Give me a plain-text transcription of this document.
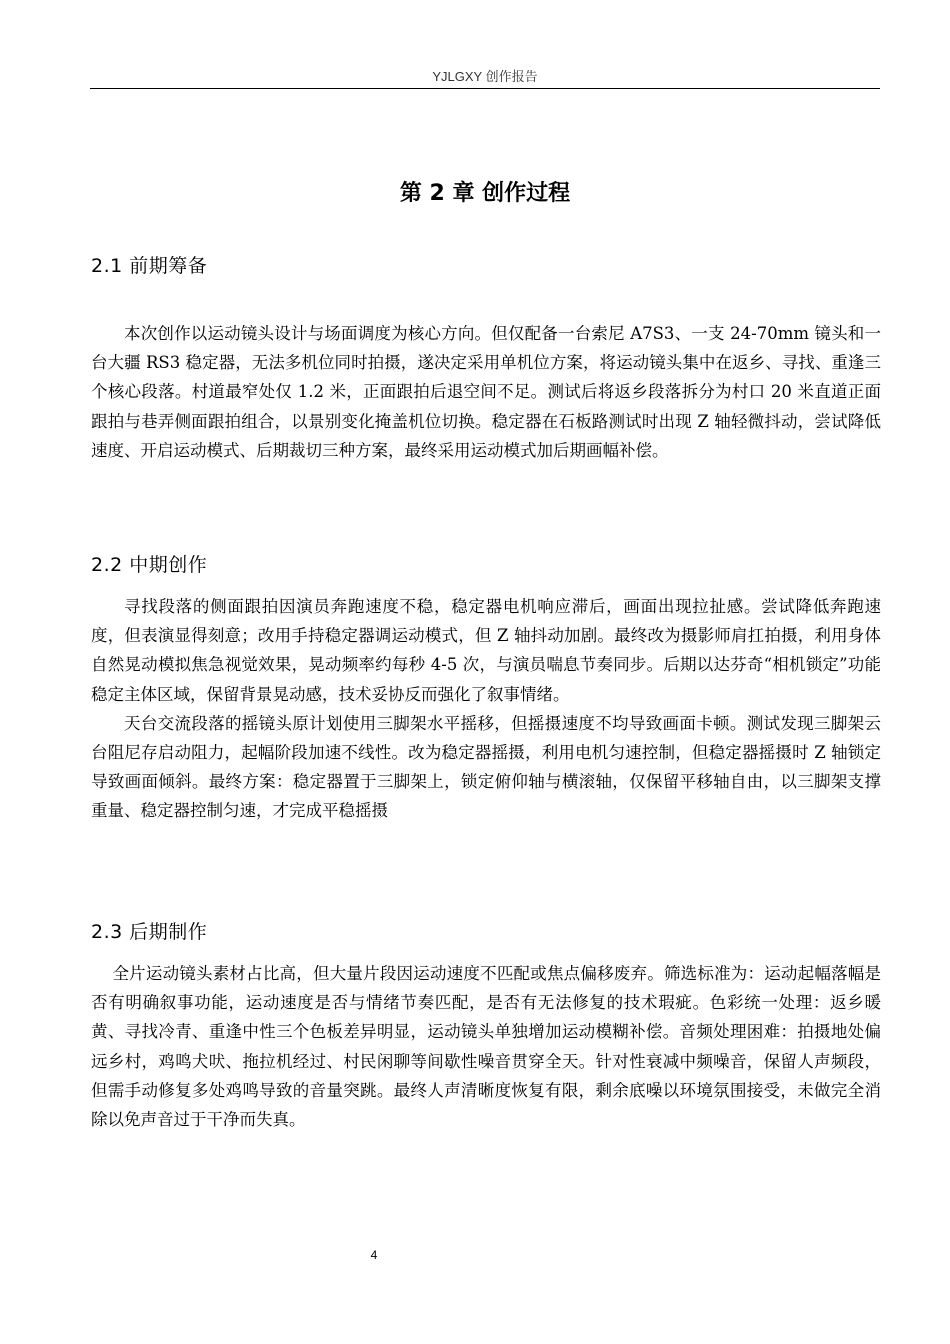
YJLGXY 创作报告
第 2 章 创作过程
2.1 前期筹备

本次创作以运动镜头设计与场面调度为核心方向。但仅配备一台索尼 A7S3、一支 24-70mm 镜头和一台大疆 RS3 稳定器，无法多机位同时拍摄，遂决定采用单机位方案，将运动镜头集中在返乡、寻找、重逢三个核心段落。村道最窄处仅 1.2 米，正面跟拍后退空间不足。测试后将返乡段落拆分为村口 20 米直道正面跟拍与巷弄侧面跟拍组合，以景别变化掩盖机位切换。稳定器在石板路测试时出现 Z 轴轻微抖动，尝试降低速度、开启运动模式、后期裁切三种方案，最终采用运动模式加后期画幅补偿。

2.2 中期创作

寻找段落的侧面跟拍因演员奔跑速度不稳，稳定器电机响应滞后，画面出现拉扯感。尝试降低奔跑速度，但表演显得刻意；改用手持稳定器调运动模式，但 Z 轴抖动加剧。最终改为摄影师肩扛拍摄，利用身体自然晃动模拟焦急视觉效果，晃动频率约每秒 4-5 次，与演员喘息节奏同步。后期以达芬奇“相机锁定”功能稳定主体区域，保留背景晃动感，技术妥协反而强化了叙事情绪。

天台交流段落的摇镜头原计划使用三脚架水平摇移，但摇摄速度不均导致画面卡顿。测试发现三脚架云台阻尼存启动阻力，起幅阶段加速不线性。改为稳定器摇摄，利用电机匀速控制，但稳定器摇摄时 Z 轴锁定导致画面倾斜。最终方案：稳定器置于三脚架上，锁定俯仰轴与横滚轴，仅保留平移轴自由，以三脚架支撑重量、稳定器控制匀速，才完成平稳摇摄

2.3 后期制作

全片运动镜头素材占比高，但大量片段因运动速度不匹配或焦点偏移废弃。筛选标准为：运动起幅落幅是否有明确叙事功能，运动速度是否与情绪节奏匹配，是否有无法修复的技术瑕疵。色彩统一处理：返乡暖黄、寻找冷青、重逢中性三个色板差异明显，运动镜头单独增加运动模糊补偿。音频处理困难：拍摄地处偏远乡村，鸡鸣犬吠、拖拉机经过、村民闲聊等间歇性噪音贯穿全天。针对性衰减中频噪音，保留人声频段，但需手动修复多处鸡鸣导致的音量突跳。最终人声清晰度恢复有限，剩余底噪以环境氛围接受，未做完全消除以免声音过于干净而失真。

4
